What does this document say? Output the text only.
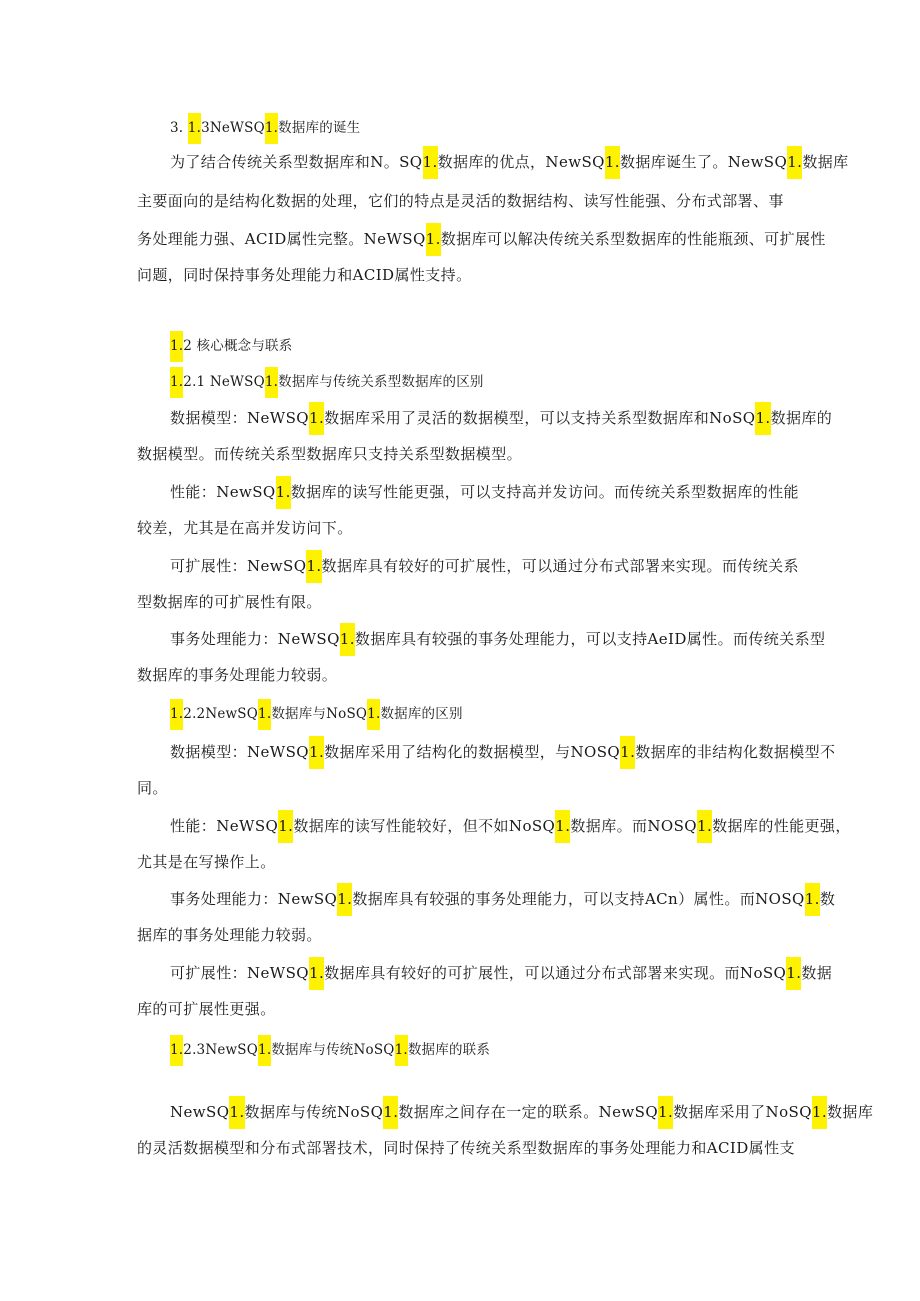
3. 1.3NeWSQ1.数据库的诞生
为了结合传统关系型数据库和N。SQ1.数据库的优点，NewSQ1.数据库诞生了。NewSQ1.数据库
主要面向的是结构化数据的处理，它们的特点是灵活的数据结构、读写性能强、分布式部署、事
务处理能力强、ACID属性完整。NeWSQ1.数据库可以解决传统关系型数据库的性能瓶颈、可扩展性
问题，同时保持事务处理能力和ACID属性支持。
1.2 核心概念与联系
1.2.1 NeWSQ1.数据库与传统关系型数据库的区别
数据模型：NeWSQ1.数据库采用了灵活的数据模型，可以支持关系型数据库和NoSQ1.数据库的
数据模型。而传统关系型数据库只支持关系型数据模型。
性能：NewSQ1.数据库的读写性能更强，可以支持高并发访问。而传统关系型数据库的性能
较差，尤其是在高并发访问下。
可扩展性：NewSQ1.数据库具有较好的可扩展性，可以通过分布式部署来实现。而传统关系
型数据库的可扩展性有限。
事务处理能力：NeWSQ1.数据库具有较强的事务处理能力，可以支持AeID属性。而传统关系型
数据库的事务处理能力较弱。
1.2.2NewSQ1.数据库与NoSQ1.数据库的区别
数据模型：NeWSQ1.数据库采用了结构化的数据模型，与NOSQ1.数据库的非结构化数据模型不
同。
性能：NeWSQ1.数据库的读写性能较好，但不如NoSQ1.数据库。而NOSQ1.数据库的性能更强，
尤其是在写操作上。
事务处理能力：NewSQ1.数据库具有较强的事务处理能力，可以支持ACn）属性。而NOSQ1.数
据库的事务处理能力较弱。
可扩展性：NeWSQ1.数据库具有较好的可扩展性，可以通过分布式部署来实现。而NoSQ1.数据
库的可扩展性更强。
1.2.3NewSQ1.数据库与传统NoSQ1.数据库的联系
NewSQ1.数据库与传统NoSQ1.数据库之间存在一定的联系。NewSQ1.数据库采用了NoSQ1.数据库
的灵活数据模型和分布式部署技术，同时保持了传统关系型数据库的事务处理能力和ACID属性支
